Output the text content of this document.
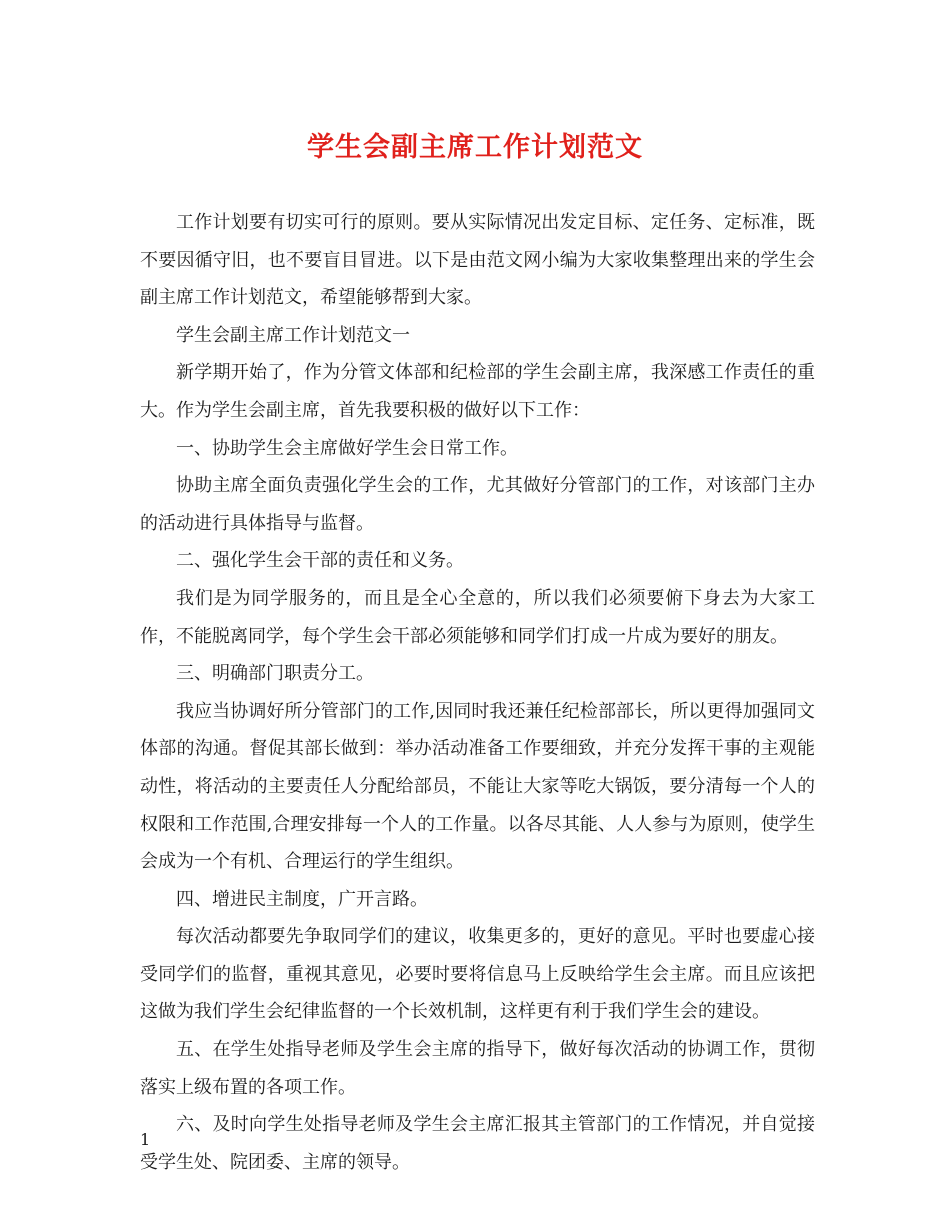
学生会副主席工作计划范文

工作计划要有切实可行的原则。要从实际情况出发定目标、定任务、定标准，既不要因循守旧，也不要盲目冒进。以下是由范文网小编为大家收集整理出来的学生会副主席工作计划范文，希望能够帮到大家。

学生会副主席工作计划范文一

新学期开始了，作为分管文体部和纪检部的学生会副主席，我深感工作责任的重大。作为学生会副主席，首先我要积极的做好以下工作：

一、协助学生会主席做好学生会日常工作。

协助主席全面负责强化学生会的工作，尤其做好分管部门的工作，对该部门主办的活动进行具体指导与监督。

二、强化学生会干部的责任和义务。

我们是为同学服务的，而且是全心全意的，所以我们必须要俯下身去为大家工作，不能脱离同学，每个学生会干部必须能够和同学们打成一片成为要好的朋友。

三、明确部门职责分工。

我应当协调好所分管部门的工作,因同时我还兼任纪检部部长，所以更得加强同文体部的沟通。督促其部长做到：举办活动准备工作要细致，并充分发挥干事的主观能动性，将活动的主要责任人分配给部员，不能让大家等吃大锅饭，要分清每一个人的权限和工作范围,合理安排每一个人的工作量。以各尽其能、人人参与为原则，使学生会成为一个有机、合理运行的学生组织。

四、增进民主制度，广开言路。

每次活动都要先争取同学们的建议，收集更多的，更好的意见。平时也要虚心接受同学们的监督，重视其意见，必要时要将信息马上反映给学生会主席。而且应该把这做为我们学生会纪律监督的一个长效机制，这样更有利于我们学生会的建设。

五、在学生处指导老师及学生会主席的指导下，做好每次活动的协调工作，贯彻落实上级布置的各项工作。

六、及时向学生处指导老师及学生会主席汇报其主管部门的工作情况，并自觉接受学生处、院团委、主席的领导。

1
